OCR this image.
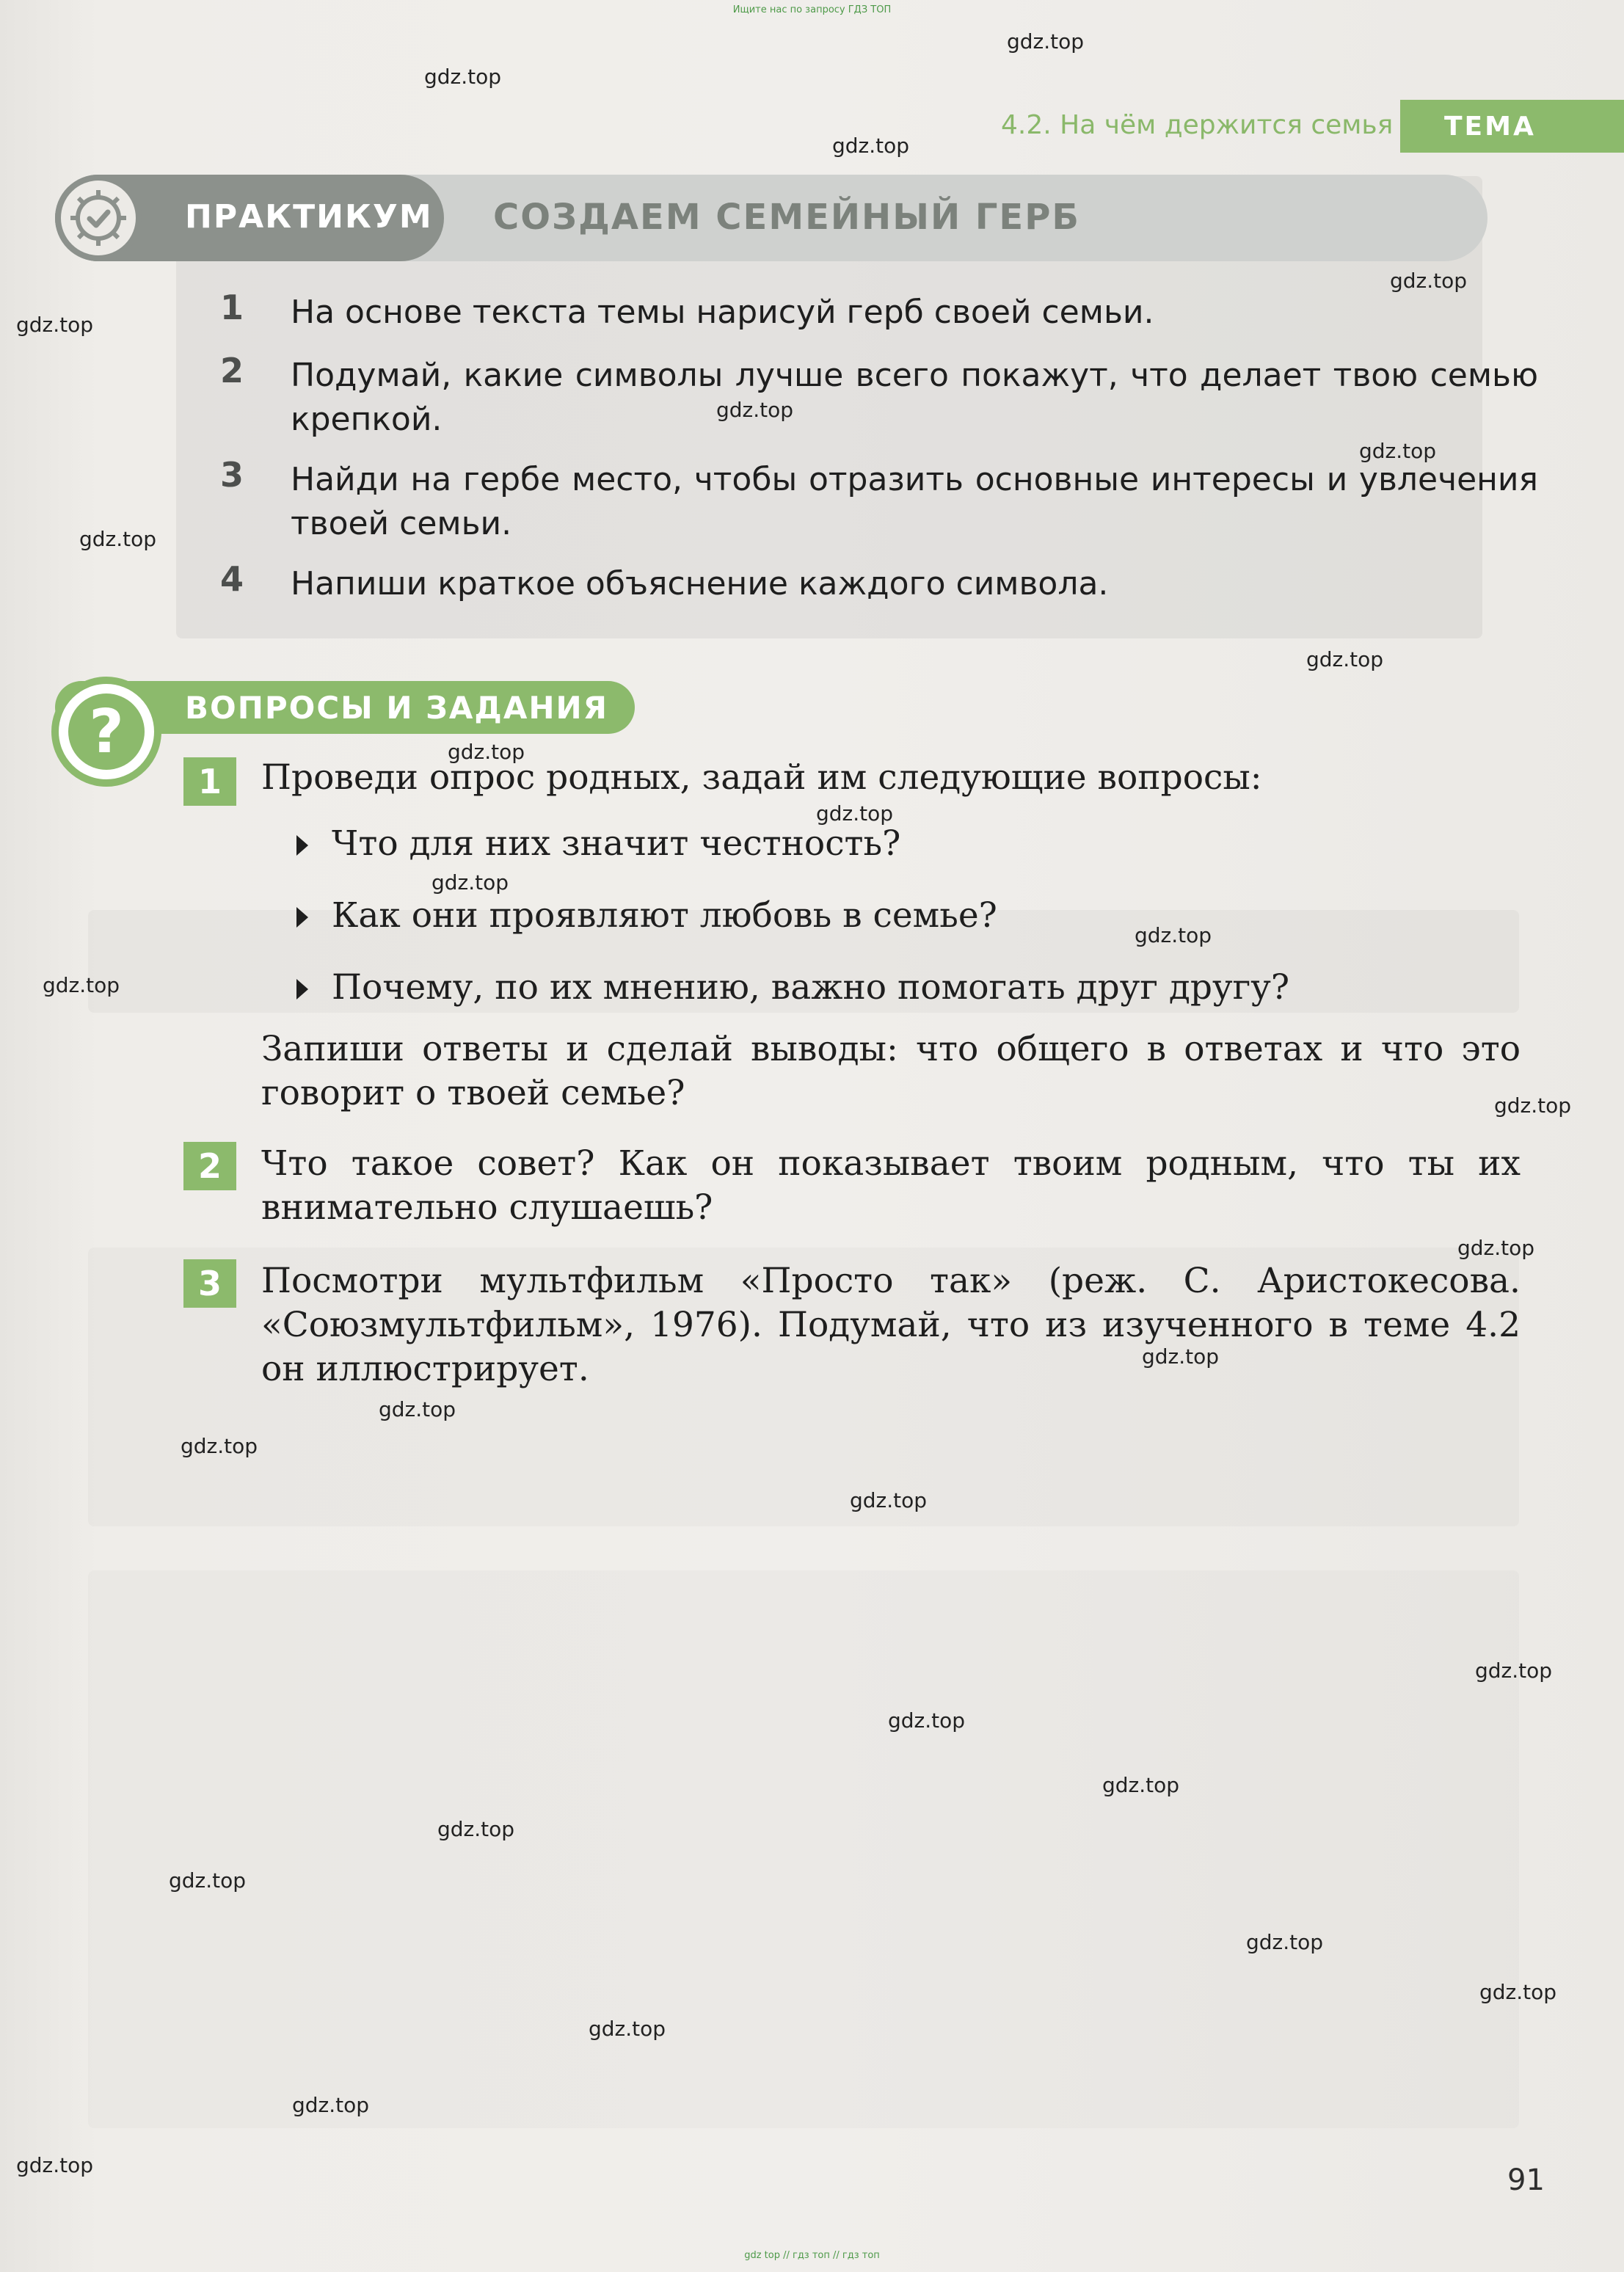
Ищите нас по запросу ГДЗ ТОП
4.2. На чём держится семья ТЕМА
ПРАКТИКУМ СОЗДАЕМ СЕМЕЙНЫЙ ГЕРБ
1 На основе текста темы нарисуй герб своей семьи.
2 Подумай, какие символы лучше всего покажут, что делает твою семью крепкой.
3 Найди на гербе место, чтобы отразить основные интересы и увлечения твоей семьи.
4 Напиши краткое объяснение каждого символа.
?	ВОПРОСЫ И ЗАДАНИЯ
1	Проведи опрос родных, задай им следующие вопросы:
Что для них значит честность?
Как они проявляют любовь в семье?
Почему, по их мнению, важно помогать друг другу?
Запиши ответы и сделай выводы: что общего в ответах и что это говорит о твоей семье?
2	Что такое совет? Как он показывает твоим родным, что ты их внимательно слушаешь?
3	Посмотри мультфильм «Просто так» (реж. С. Аристокесова. «Союзмультфильм», 1976). Подумай, что из изученного в теме 4.2 он иллюстрирует.
gdz.top
gdz.top
gdz.top
gdz.top
gdz.top
gdz.top
gdz.top
gdz.top
gdz.top
gdz.top
gdz.top
gdz.top
gdz.top
gdz.top
gdz.top
gdz.top
gdz.top
gdz.top
gdz.top
gdz.top
gdz.top
gdz.top
gdz.top
gdz.top
gdz.top
gdz.top
gdz.top
gdz.top
gdz.top
gdz.top	91
gdz top // гдз топ // гдз топ
